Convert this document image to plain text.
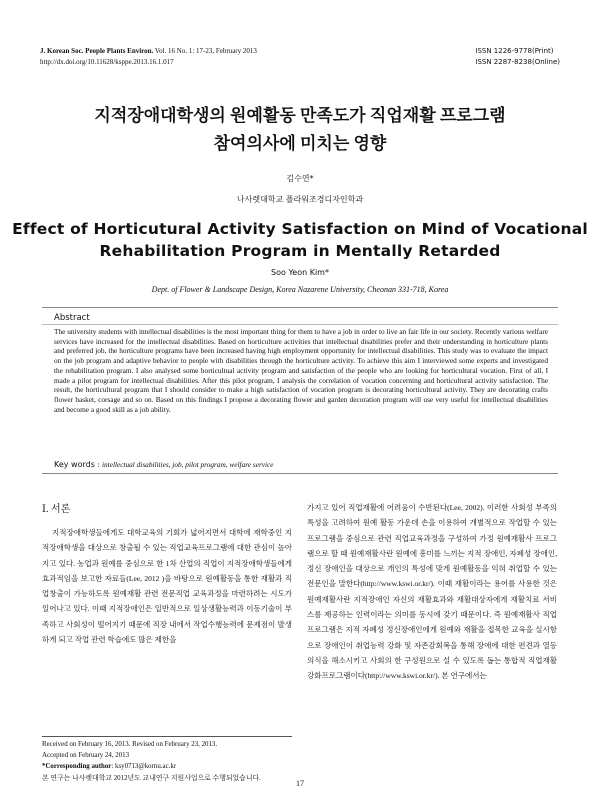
J. Korean Soc. People Plants Environ. Vol. 16 No. 1: 17-23, February 2013
http://dx.doi.org/10.11628/ksppe.2013.16.1.017
ISSN 1226-9778(Print)
ISSN 2287-8238(Online)
지적장애대학생의 원예활동 만족도가 직업재활 프로그램
참여의사에 미치는 영향
김수연*
나사렛대학교 플라워조경디자인학과
Effect of Horticutural Activity Satisfaction on Mind of Vocational
Rehabilitation Program in Mentally Retarded
Soo Yeon Kim*
Dept. of Flower & Landscape Design, Korea Nazarene University, Cheonan 331-718, Korea
Abstract
The university students with intellectual disabilities is the most important thing for them to have a job in order to live an fair life in our society. Recently various welfare services have increased for the intellectual disabilities. Based on horticulture activities that intellectual disabilities prefer and their understanding in horticulture plants and preferred job, the horticulture programs have been increased having high employment opportunity for intellectual disabilities. This study was to evaluate the impact on the job program and adaptive behavior to people with disabilities through the horticulture activity. To achieve this aim I interviewed some experts and investigated the rehabilitation program. I also analysed some horticultual activity program and satisfaction of the people who are looking for horticultural vocation. First of all, I made a pilot program for intellectual disabilities. After this pilot program, I analysis the correlation of vocation concerning and horticultural activity satisfaction. The result, the horticultural program that I should consider to make a high satisfaction of vocation program is decorating horticultural activity. They are decorating crafts flower basket, corsage and so on. Based on this findings I propose a decorating flower and garden decoration program will use very useful for intellectual disabilities and become a good skill as a job ability.
Key words : intellectual disabilities, job, pilot program, welfare service
Ⅰ. 서론

지적장애학생들에게도 대학교육의 기회가 넓어지면서 대학에 재학중인 지적장애학생을 대상으로 창출될 수 있는 직업교육프로그램에 대한 관심이 높아지고 있다. 농업과 원예를 중심으로 한 1차 산업의 직업이 지적장애학생들에게 효과적임을 보고한 자료들(Lee, 2012 )을 바탕으로 원예활동을 통한 재활과 직업창출이 가능하도록 원예재활 관련 전문직업 교육과정을 마련하려는 시도가 일어나고 있다. 이때 지적장애인은 일반적으로 일상생활능력과 이동기술이 부족하고 사회성이 떨어지기 때문에 직장 내에서 작업수행능력에 문제점이 발생하게 되고 작업 관련 학습에도 많은 제한을

Received on February 16, 2013. Revised on February 23, 2013.
Accepted on February 24, 2013
*Corresponding author: ksy0713@kornu.ac.kr
본 연구는 나사렛대학교 2012년도 교내연구 지원사업으로 수행되었습니다.

가지고 있어 직업재활에 어려움이 수반된다(Lee, 2002). 이러한 사회성 부족의 특성을 고려하여 원예 활동 가운데 손을 이용하여 개별적으로 작업할 수 있는 프로그램을 중심으로 관련 직업교육과정을 구성하여 가정 원예재활사 프로그램으로 할 때 원예재활사란 원예에 흥미를 느끼는 지적 장애인, 자폐성 장애인, 정신 장애인을 대상으로 개인의 특성에 맞게 원예활동을 익혀 취업할 수 있는 전문인을 말한다(http://www.kswi.or.kr/). 이때 재활이라는 용어를 사용한 것은 원예재활사란 지적장애인 자신의 재활효과와 재활대상자에게 재활치료 서비스를 제공하는 인력이라는 의미를 동시에 갖기 때문이다. 즉 원예재활사 직업프로그램은 지적 자폐성 정신장애인에게 원예와 재활을 접목한 교육을 실시함으로 장애인이 취업능력 강화 및 자존감회복을 통해 장애에 대한 편견과 열등의식을 해소시키고 사회의 한 구성원으로 설 수 있도록 돕는 통합적 직업재활 강화프로그램이다(http://www.kswi.or.kr/). 본 연구에서는

17
